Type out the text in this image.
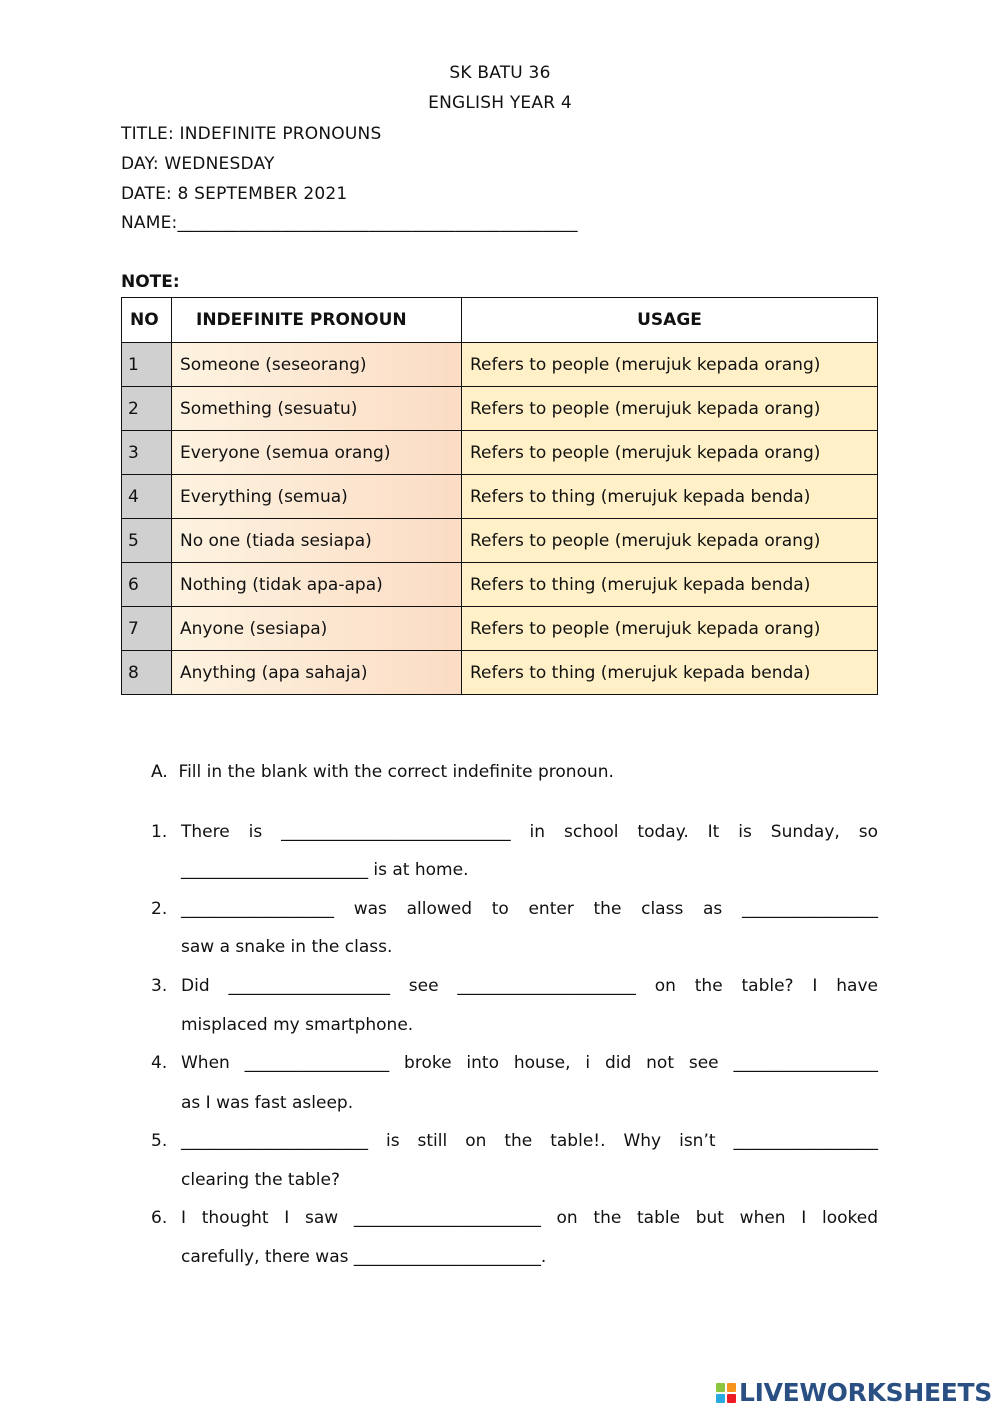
SK BATU 36
ENGLISH YEAR 4
TITLE: INDEFINITE PRONOUNS
DAY: WEDNESDAY
DATE: 8 SEPTEMBER 2021
NAME:______________________________________________
NOTE:
NO	INDEFINITE PRONOUN	USAGE
1	Someone (seseorang)	Refers to people (merujuk kepada orang)
2	Something (sesuatu)	Refers to people (merujuk kepada orang)
3	Everyone (semua orang)	Refers to people (merujuk kepada orang)
4	Everything (semua)	Refers to thing (merujuk kepada benda)
5	No one (tiada sesiapa)	Refers to people (merujuk kepada orang)
6	Nothing (tidak apa-apa)	Refers to thing (merujuk kepada benda)
7	Anyone (sesiapa)	Refers to people (merujuk kepada orang)
8	Anything (apa sahaja)	Refers to thing (merujuk kepada benda)
A. Fill in the blank with the correct indefinite pronoun.
1. There is ___________________________ in school today. It is Sunday, so
______________________ is at home.
2. __________________ was allowed to enter the class as ________________
saw a snake in the class.
3. Did ___________________ see _____________________ on the table? I have
misplaced my smartphone.
4. When _________________ broke into house, i did not see _________________
as I was fast asleep.
5. ______________________ is still on the table!. Why isn’t _________________
clearing the table?
6. I thought I saw ______________________ on the table but when I looked
carefully, there was ______________________.
LIVEWORKSHEETS
